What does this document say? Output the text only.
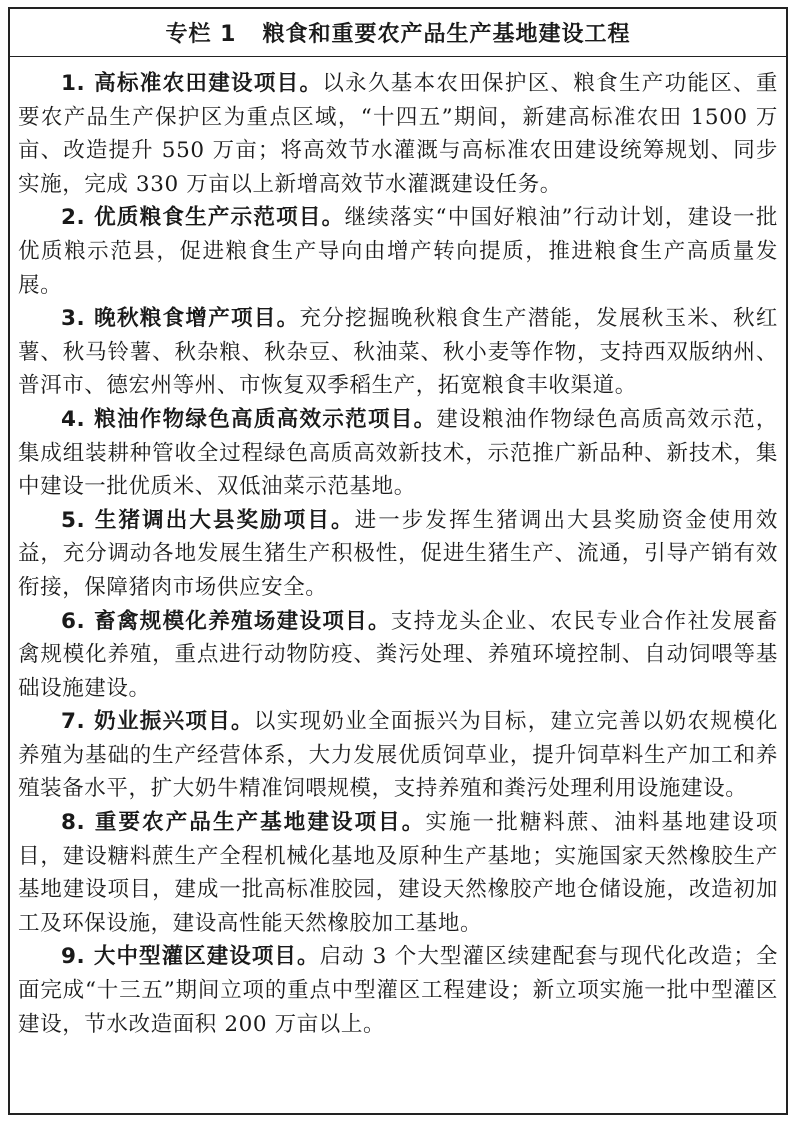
专栏 1 粮食和重要农产品生产基地建设工程

1. 高标准农田建设项目。以永久基本农田保护区、粮食生产功能区、重要农产品生产保护区为重点区域，“十四五”期间，新建高标准农田 1500 万亩、改造提升 550 万亩；将高效节水灌溉与高标准农田建设统筹规划、同步实施，完成 330 万亩以上新增高效节水灌溉建设任务。

2. 优质粮食生产示范项目。继续落实“中国好粮油”行动计划，建设一批优质粮示范县，促进粮食生产导向由增产转向提质，推进粮食生产高质量发展。

3. 晚秋粮食增产项目。充分挖掘晚秋粮食生产潜能，发展秋玉米、秋红薯、秋马铃薯、秋杂粮、秋杂豆、秋油菜、秋小麦等作物，支持西双版纳州、普洱市、德宏州等州、市恢复双季稻生产，拓宽粮食丰收渠道。

4. 粮油作物绿色高质高效示范项目。建设粮油作物绿色高质高效示范，集成组装耕种管收全过程绿色高质高效新技术，示范推广新品种、新技术，集中建设一批优质米、双低油菜示范基地。

5. 生猪调出大县奖励项目。进一步发挥生猪调出大县奖励资金使用效益，充分调动各地发展生猪生产积极性，促进生猪生产、流通，引导产销有效衔接，保障猪肉市场供应安全。

6. 畜禽规模化养殖场建设项目。支持龙头企业、农民专业合作社发展畜禽规模化养殖，重点进行动物防疫、粪污处理、养殖环境控制、自动饲喂等基础设施建设。

7. 奶业振兴项目。以实现奶业全面振兴为目标，建立完善以奶农规模化养殖为基础的生产经营体系，大力发展优质饲草业，提升饲草料生产加工和养殖装备水平，扩大奶牛精准饲喂规模，支持养殖和粪污处理利用设施建设。

8. 重要农产品生产基地建设项目。实施一批糖料蔗、油料基地建设项目，建设糖料蔗生产全程机械化基地及原种生产基地；实施国家天然橡胶生产基地建设项目，建成一批高标准胶园，建设天然橡胶产地仓储设施，改造初加工及环保设施，建设高性能天然橡胶加工基地。

9. 大中型灌区建设项目。启动 3 个大型灌区续建配套与现代化改造；全面完成“十三五”期间立项的重点中型灌区工程建设；新立项实施一批中型灌区建设，节水改造面积 200 万亩以上。
